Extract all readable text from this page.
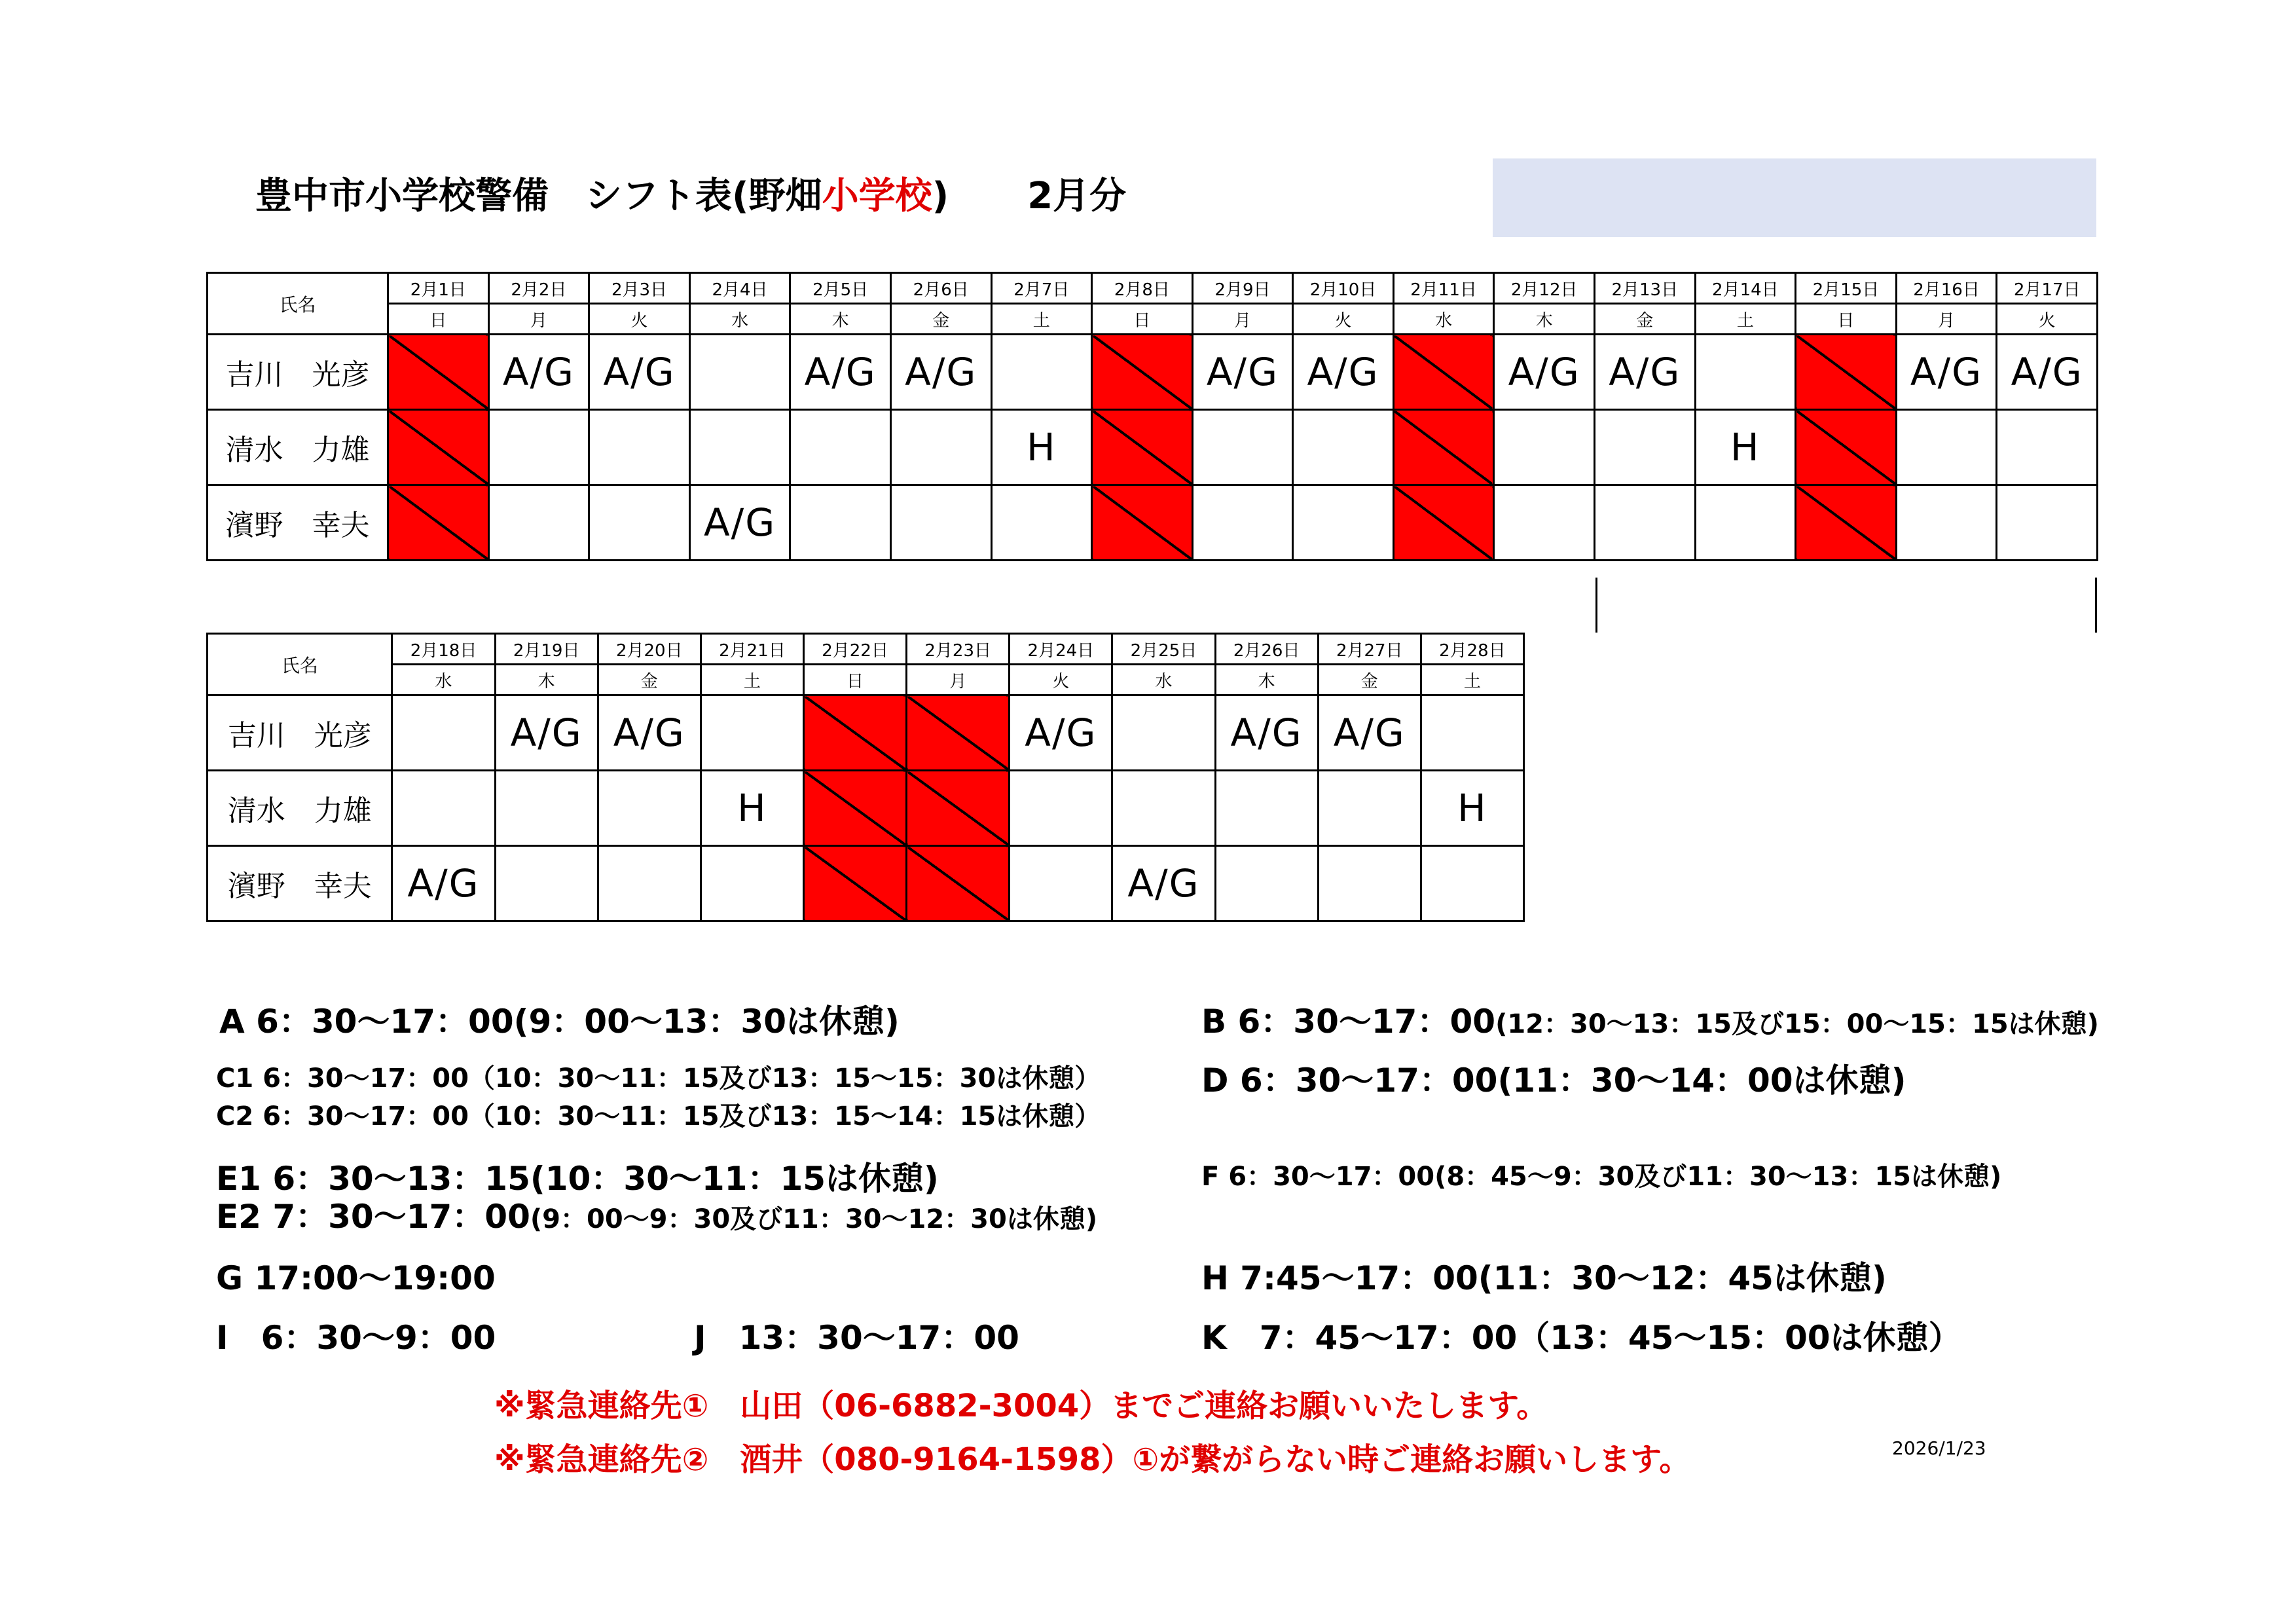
豊中市小学校警備　シフト表(野畑小学校) 2月分
氏名	2月1日	2月2日	2月3日	2月4日	2月5日	2月6日	2月7日	2月8日	2月9日	2月10日	2月11日	2月12日	2月13日	2月14日	2月15日	2月16日	2月17日
	日	月	火	水	木	金	土	日	月	火	水	木	金	土	日	月	火
吉川　光彦		A/G	A/G		A/G	A/G			A/G	A/G		A/G	A/G			A/G	A/G
清水　力雄							H							H			
濱野　幸夫				A/G													
氏名	2月18日	2月19日	2月20日	2月21日	2月22日	2月23日	2月24日	2月25日	2月26日	2月27日	2月28日
	水	木	金	土	日	月	火	水	木	金	土
吉川　光彦		A/G	A/G				A/G		A/G	A/G	
清水　力雄				H							H
濱野　幸夫	A/G							A/G			
A 6：30～17：00(9：00～13：30は休憩)	B 6：30～17：00(12：30～13：15及び15：00～15：15は休憩)
C1 6：30～17：00（10：30～11：15及び13：15～15：30は休憩）	D 6：30～17：00(11：30～14：00は休憩)
C2 6：30～17：00（10：30～11：15及び13：15～14：15は休憩）
E1 6：30～13：15(10：30～11：15は休憩)	F 6：30～17：00(8：45～9：30及び11：30～13：15は休憩)
E2 7：30～17：00(9：00～9：30及び11：30～12：30は休憩)
G 17:00～19:00	H 7:45～17：00(11：30～12：45は休憩)
I　6：30～9：00	J　13：30～17：00	K　7：45～17：00（13：45～15：00は休憩）
※緊急連絡先①　山田（06-6882-3004）までご連絡お願いいたします。
※緊急連絡先②　酒井（080-9164-1598）①が繋がらない時ご連絡お願いします。	2026/1/23
